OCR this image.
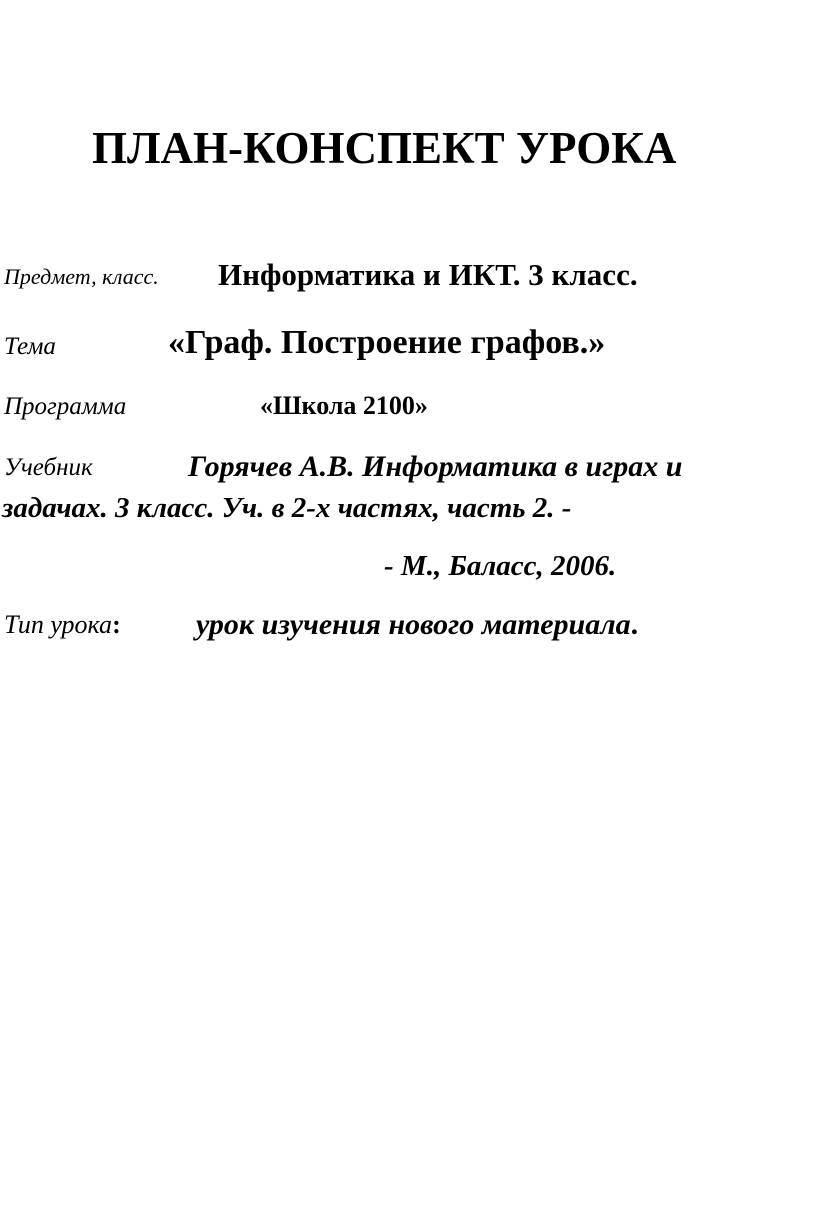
ПЛАН-КОНСПЕКТ УРОКА
Предмет, класс. Информатика и ИКТ. 3 класс.
Тема	«Граф. Построение графов.»
Программа	«Школа 2100»
Учебник	Горячев А.В. Информатика в играх и
задачах. 3 класс. Уч. в 2-х частях, часть 2. -
- М., Баласс, 2006.
Тип урока:	урок изучения нового материала.
